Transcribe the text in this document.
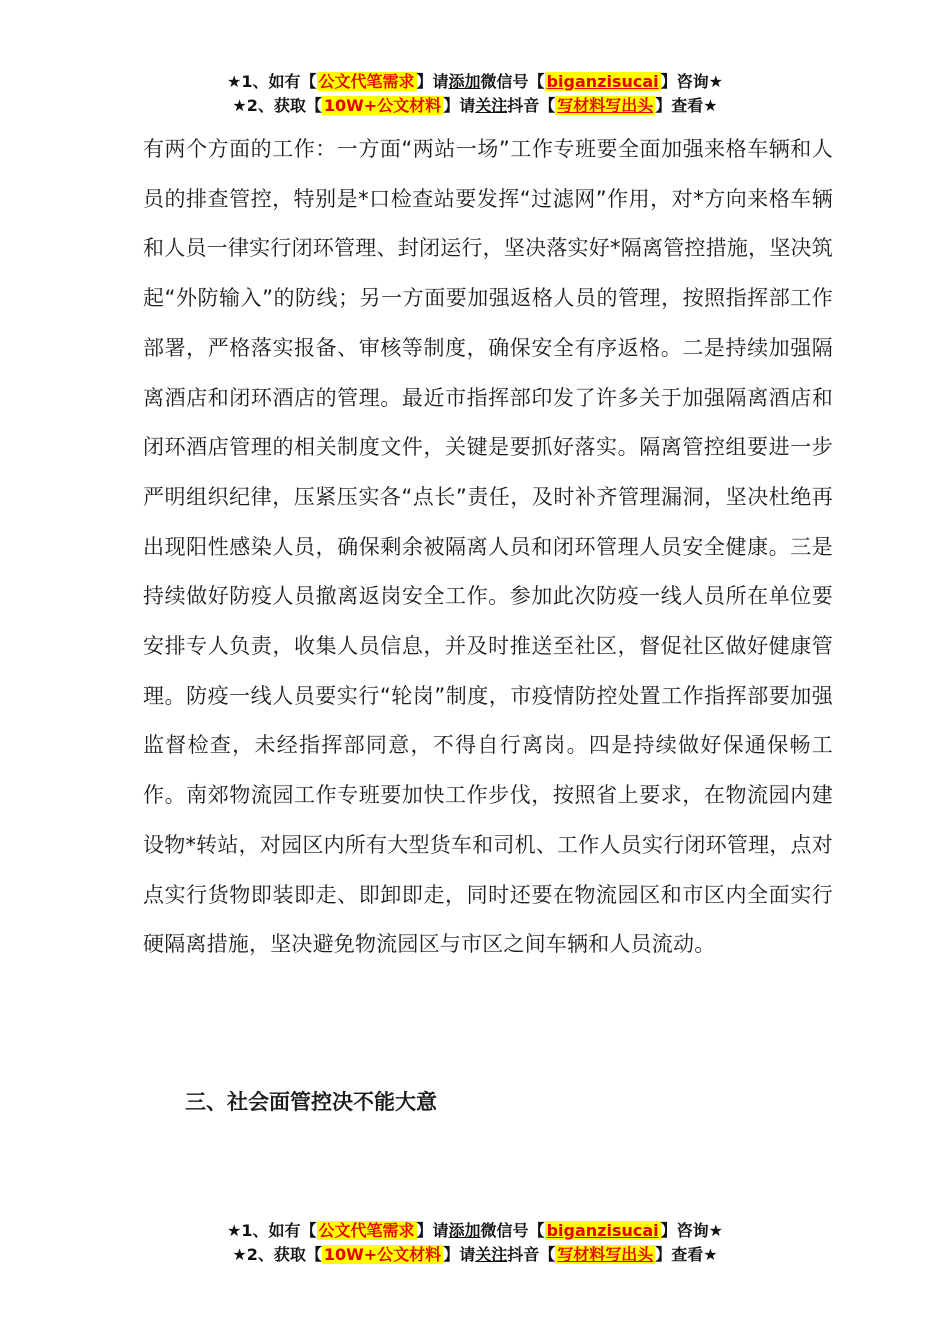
★1、如有【 公文代笔需求 】请添加微信号【 biganzisucai 】咨询★
★2、获取【 10W+公文材料 】请关注抖音【 写材料写出头 】查看★

有两个方面的工作：一方面“两站一场”工作专班要全面加强来格车辆和人员的排查管控，特别是*口检查站要发挥“过滤网”作用，对*方向来格车辆和人员一律实行闭环管理、封闭运行，坚决落实好*隔离管控措施，坚决筑起“外防输入”的防线；另一方面要加强返格人员的管理，按照指挥部工作部署，严格落实报备、审核等制度，确保安全有序返格。二是持续加强隔离酒店和闭环酒店的管理。最近市指挥部印发了许多关于加强隔离酒店和闭环酒店管理的相关制度文件，关键是要抓好落实。隔离管控组要进一步严明组织纪律，压紧压实各“点长”责任，及时补齐管理漏洞，坚决杜绝再出现阳性感染人员，确保剩余被隔离人员和闭环管理人员安全健康。三是持续做好防疫人员撤离返岗安全工作。参加此次防疫一线人员所在单位要安排专人负责，收集人员信息，并及时推送至社区，督促社区做好健康管理。防疫一线人员要实行“轮岗”制度，市疫情防控处置工作指挥部要加强监督检查，未经指挥部同意，不得自行离岗。四是持续做好保通保畅工作。南郊物流园工作专班要加快工作步伐，按照省上要求，在物流园内建设物*转站，对园区内所有大型货车和司机、工作人员实行闭环管理，点对点实行货物即装即走、即卸即走，同时还要在物流园区和市区内全面实行硬隔离措施，坚决避免物流园区与市区之间车辆和人员流动。

三、社会面管控决不能大意
★1、如有【 公文代笔需求 】请添加微信号【 biganzisucai 】咨询★
★2、获取【 10W+公文材料 】请关注抖音【 写材料写出头 】查看★
